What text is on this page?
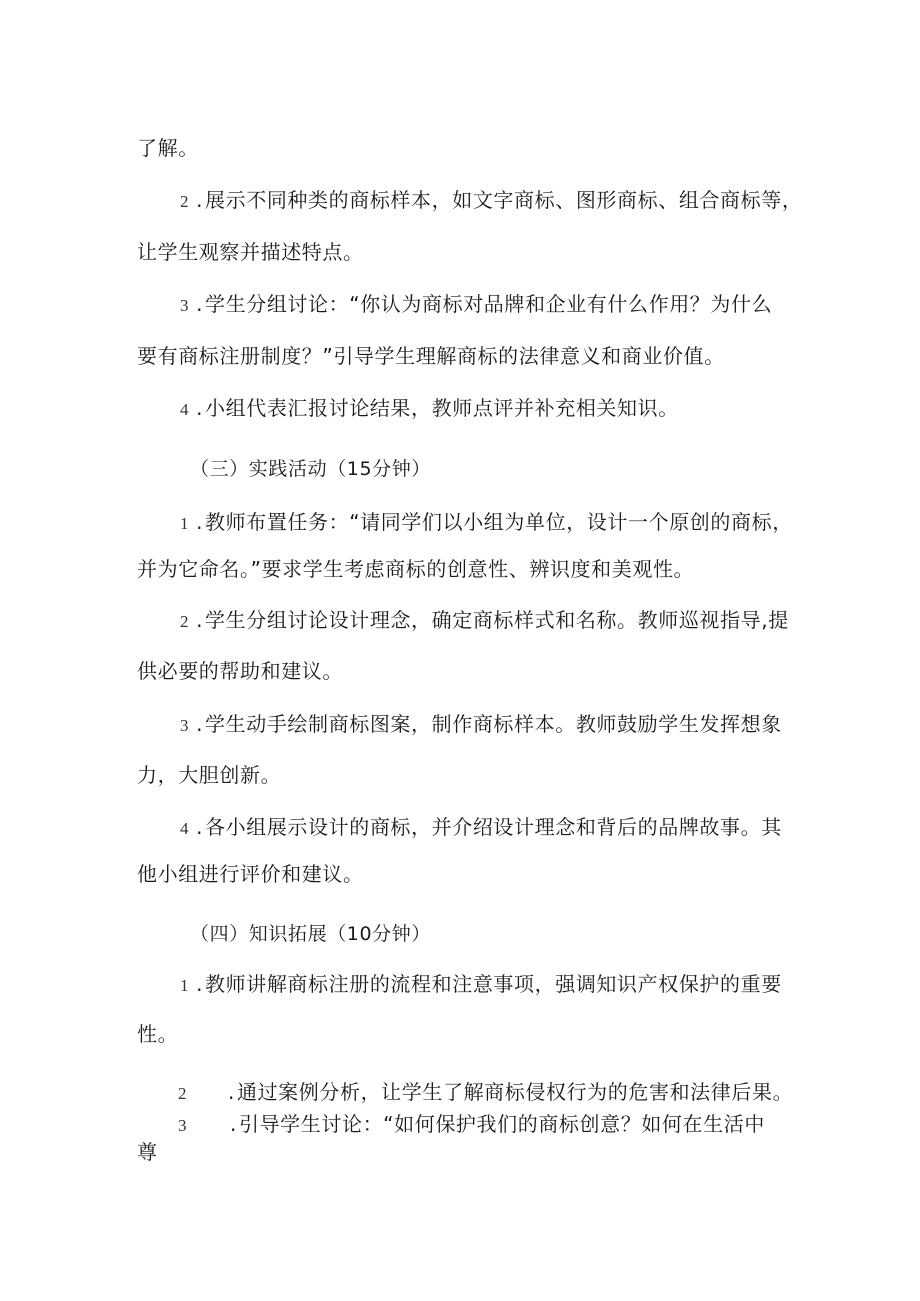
了解。

2 . 展示不同种类的商标样本，如文字商标、图形商标、组合商标等，

让学生观察并描述特点。

3 . 学生分组讨论：“你认为商标对品牌和企业有什么作用？为什么

要有商标注册制度？”引导学生理解商标的法律意义和商业价值。

4 . 小组代表汇报讨论结果，教师点评并补充相关知识。

（三）实践活动（15分钟）

1 . 教师布置任务：“请同学们以小组为单位，设计一个原创的商标，

并为它命名。”要求学生考虑商标的创意性、辨识度和美观性。

2 . 学生分组讨论设计理念，确定商标样式和名称。教师巡视指导,提

供必要的帮助和建议。

3 . 学生动手绘制商标图案，制作商标样本。教师鼓励学生发挥想象

力，大胆创新。

4 . 各小组展示设计的商标，并介绍设计理念和背后的品牌故事。其

他小组进行评价和建议。

（四）知识拓展（10分钟）

1 . 教师讲解商标注册的流程和注意事项，强调知识产权保护的重要

性。

2 . 通过案例分析，让学生了解商标侵权行为的危害和法律后果。

3 . 引导学生讨论：“如何保护我们的商标创意？如何在生活中

尊
